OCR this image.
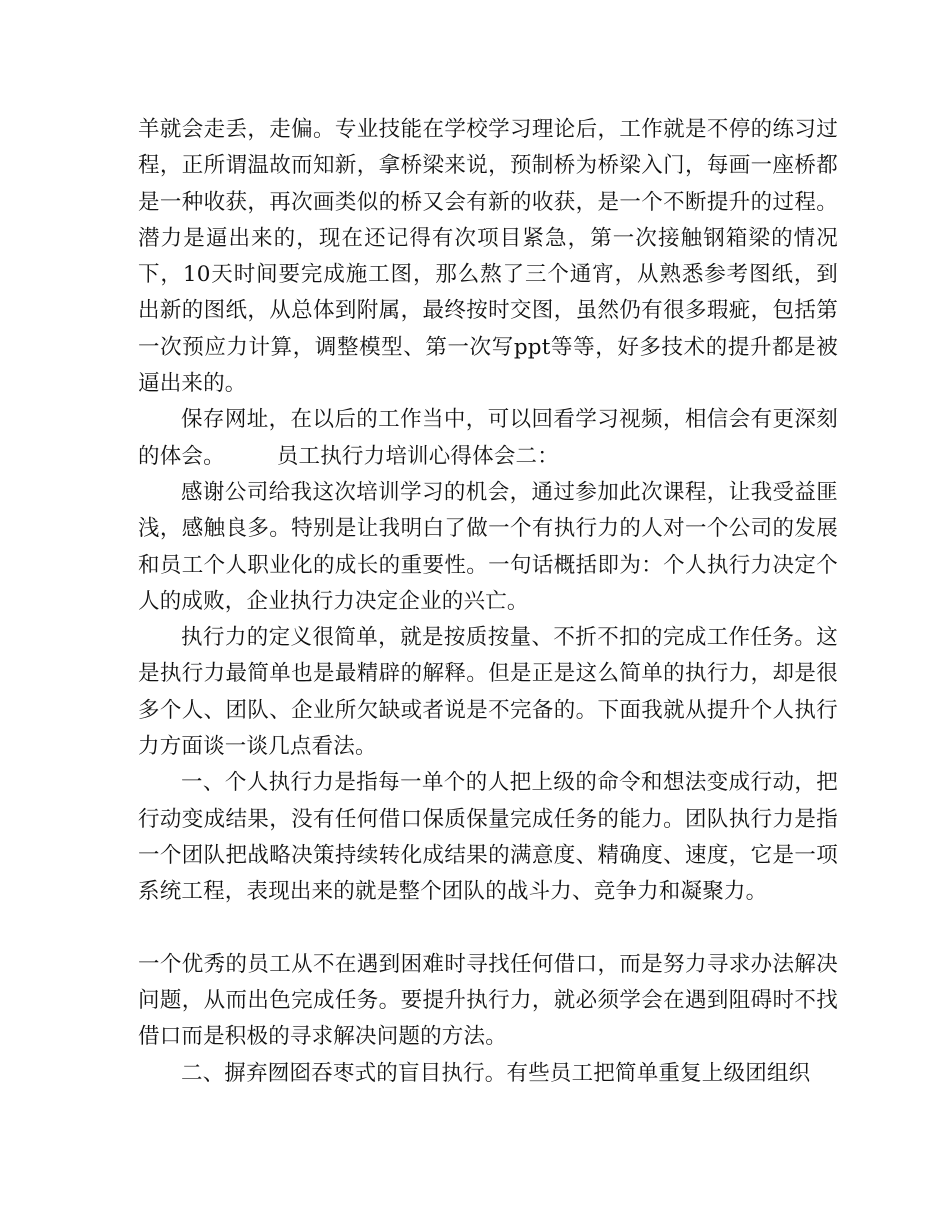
羊就会走丢，走偏。专业技能在学校学习理论后，工作就是不停的练习过程，正所谓温故而知新，拿桥梁来说，预制桥为桥梁入门，每画一座桥都是一种收获，再次画类似的桥又会有新的收获，是一个不断提升的过程。潜力是逼出来的，现在还记得有次项目紧急，第一次接触钢箱梁的情况下，10天时间要完成施工图，那么熬了三个通宵，从熟悉参考图纸，到出新的图纸，从总体到附属，最终按时交图，虽然仍有很多瑕疵，包括第一次预应力计算，调整模型、第一次写ppt等等，好多技术的提升都是被逼出来的。

保存网址，在以后的工作当中，可以回看学习视频，相信会有更深刻的体会。 员工执行力培训心得体会二：

感谢公司给我这次培训学习的机会，通过参加此次课程，让我受益匪浅，感触良多。特别是让我明白了做一个有执行力的人对一个公司的发展和员工个人职业化的成长的重要性。一句话概括即为：个人执行力决定个人的成败，企业执行力决定企业的兴亡。

执行力的定义很简单，就是按质按量、不折不扣的完成工作任务。这是执行力最简单也是最精辟的解释。但是正是这么简单的执行力，却是很多个人、团队、企业所欠缺或者说是不完备的。下面我就从提升个人执行力方面谈一谈几点看法。

一、个人执行力是指每一单个的人把上级的命令和想法变成行动，把行动变成结果，没有任何借口保质保量完成任务的能力。团队执行力是指一个团队把战略决策持续转化成结果的满意度、精确度、速度，它是一项系统工程，表现出来的就是整个团队的战斗力、竞争力和凝聚力。

一个优秀的员工从不在遇到困难时寻找任何借口，而是努力寻求办法解决问题，从而出色完成任务。要提升执行力，就必须学会在遇到阻碍时不找借口而是积极的寻求解决问题的方法。

二、摒弃囫囵吞枣式的盲目执行。有些员工把简单重复上级团组织
